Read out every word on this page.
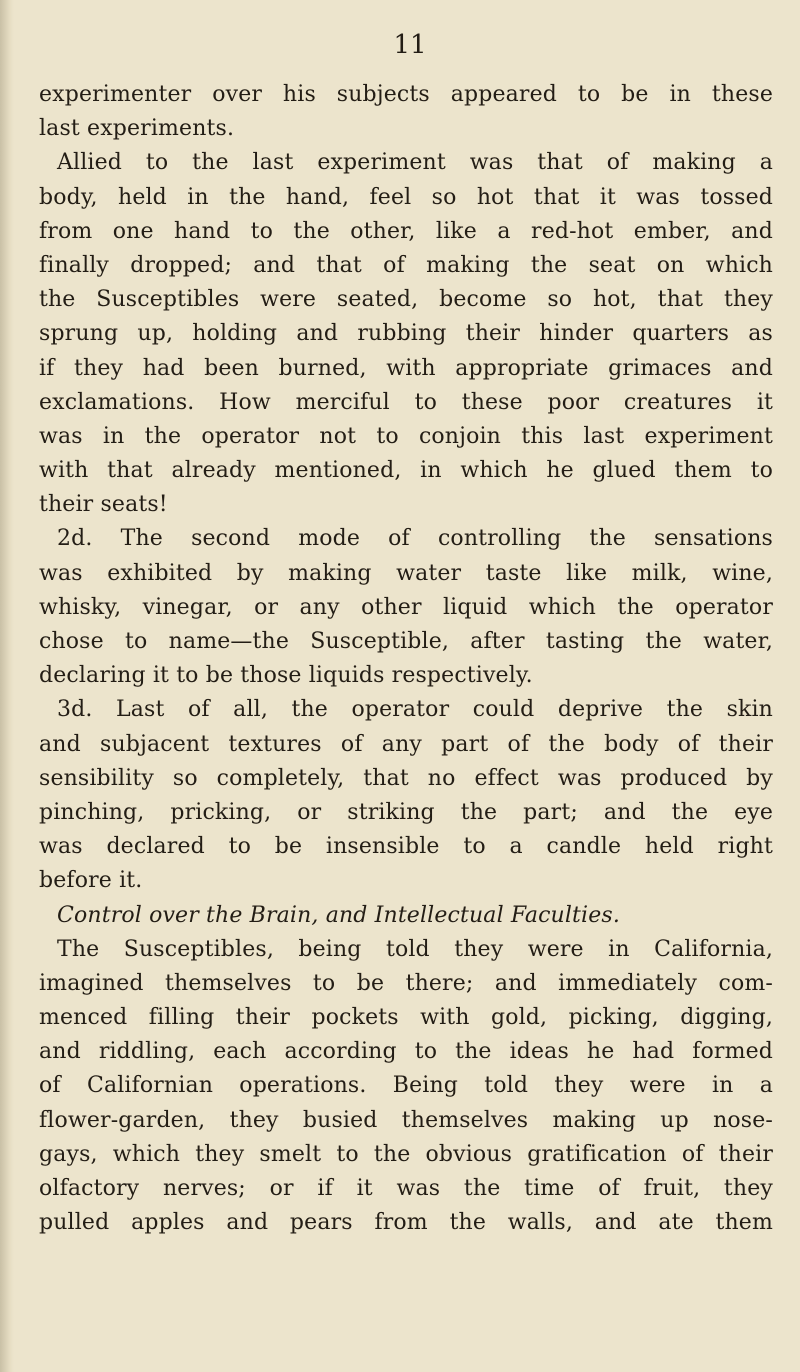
11
experimenter over his subjects appeared to be in these
last experiments.
Allied to the last experiment was that of making a
body, held in the hand, feel so hot that it was tossed
from one hand to the other, like a red-hot ember, and
finally dropped; and that of making the seat on which
the Susceptibles were seated, become so hot, that they
sprung up, holding and rubbing their hinder quarters as
if they had been burned, with appropriate grimaces and
exclamations. How merciful to these poor creatures it
was in the operator not to conjoin this last experiment
with that already mentioned, in which he glued them to
their seats!
2d. The second mode of controlling the sensations
was exhibited by making water taste like milk, wine,
whisky, vinegar, or any other liquid which the operator
chose to name—the Susceptible, after tasting the water,
declaring it to be those liquids respectively.
3d. Last of all, the operator could deprive the skin
and subjacent textures of any part of the body of their
sensibility so completely, that no effect was produced by
pinching, pricking, or striking the part; and the eye
was declared to be insensible to a candle held right
before it.
Control over the Brain, and Intellectual Faculties.
The Susceptibles, being told they were in California,
imagined themselves to be there; and immediately com-
menced filling their pockets with gold, picking, digging,
and riddling, each according to the ideas he had formed
of Californian operations. Being told they were in a
flower-garden, they busied themselves making up nose-
gays, which they smelt to the obvious gratification of their
olfactory nerves; or if it was the time of fruit, they
pulled apples and pears from the walls, and ate them
